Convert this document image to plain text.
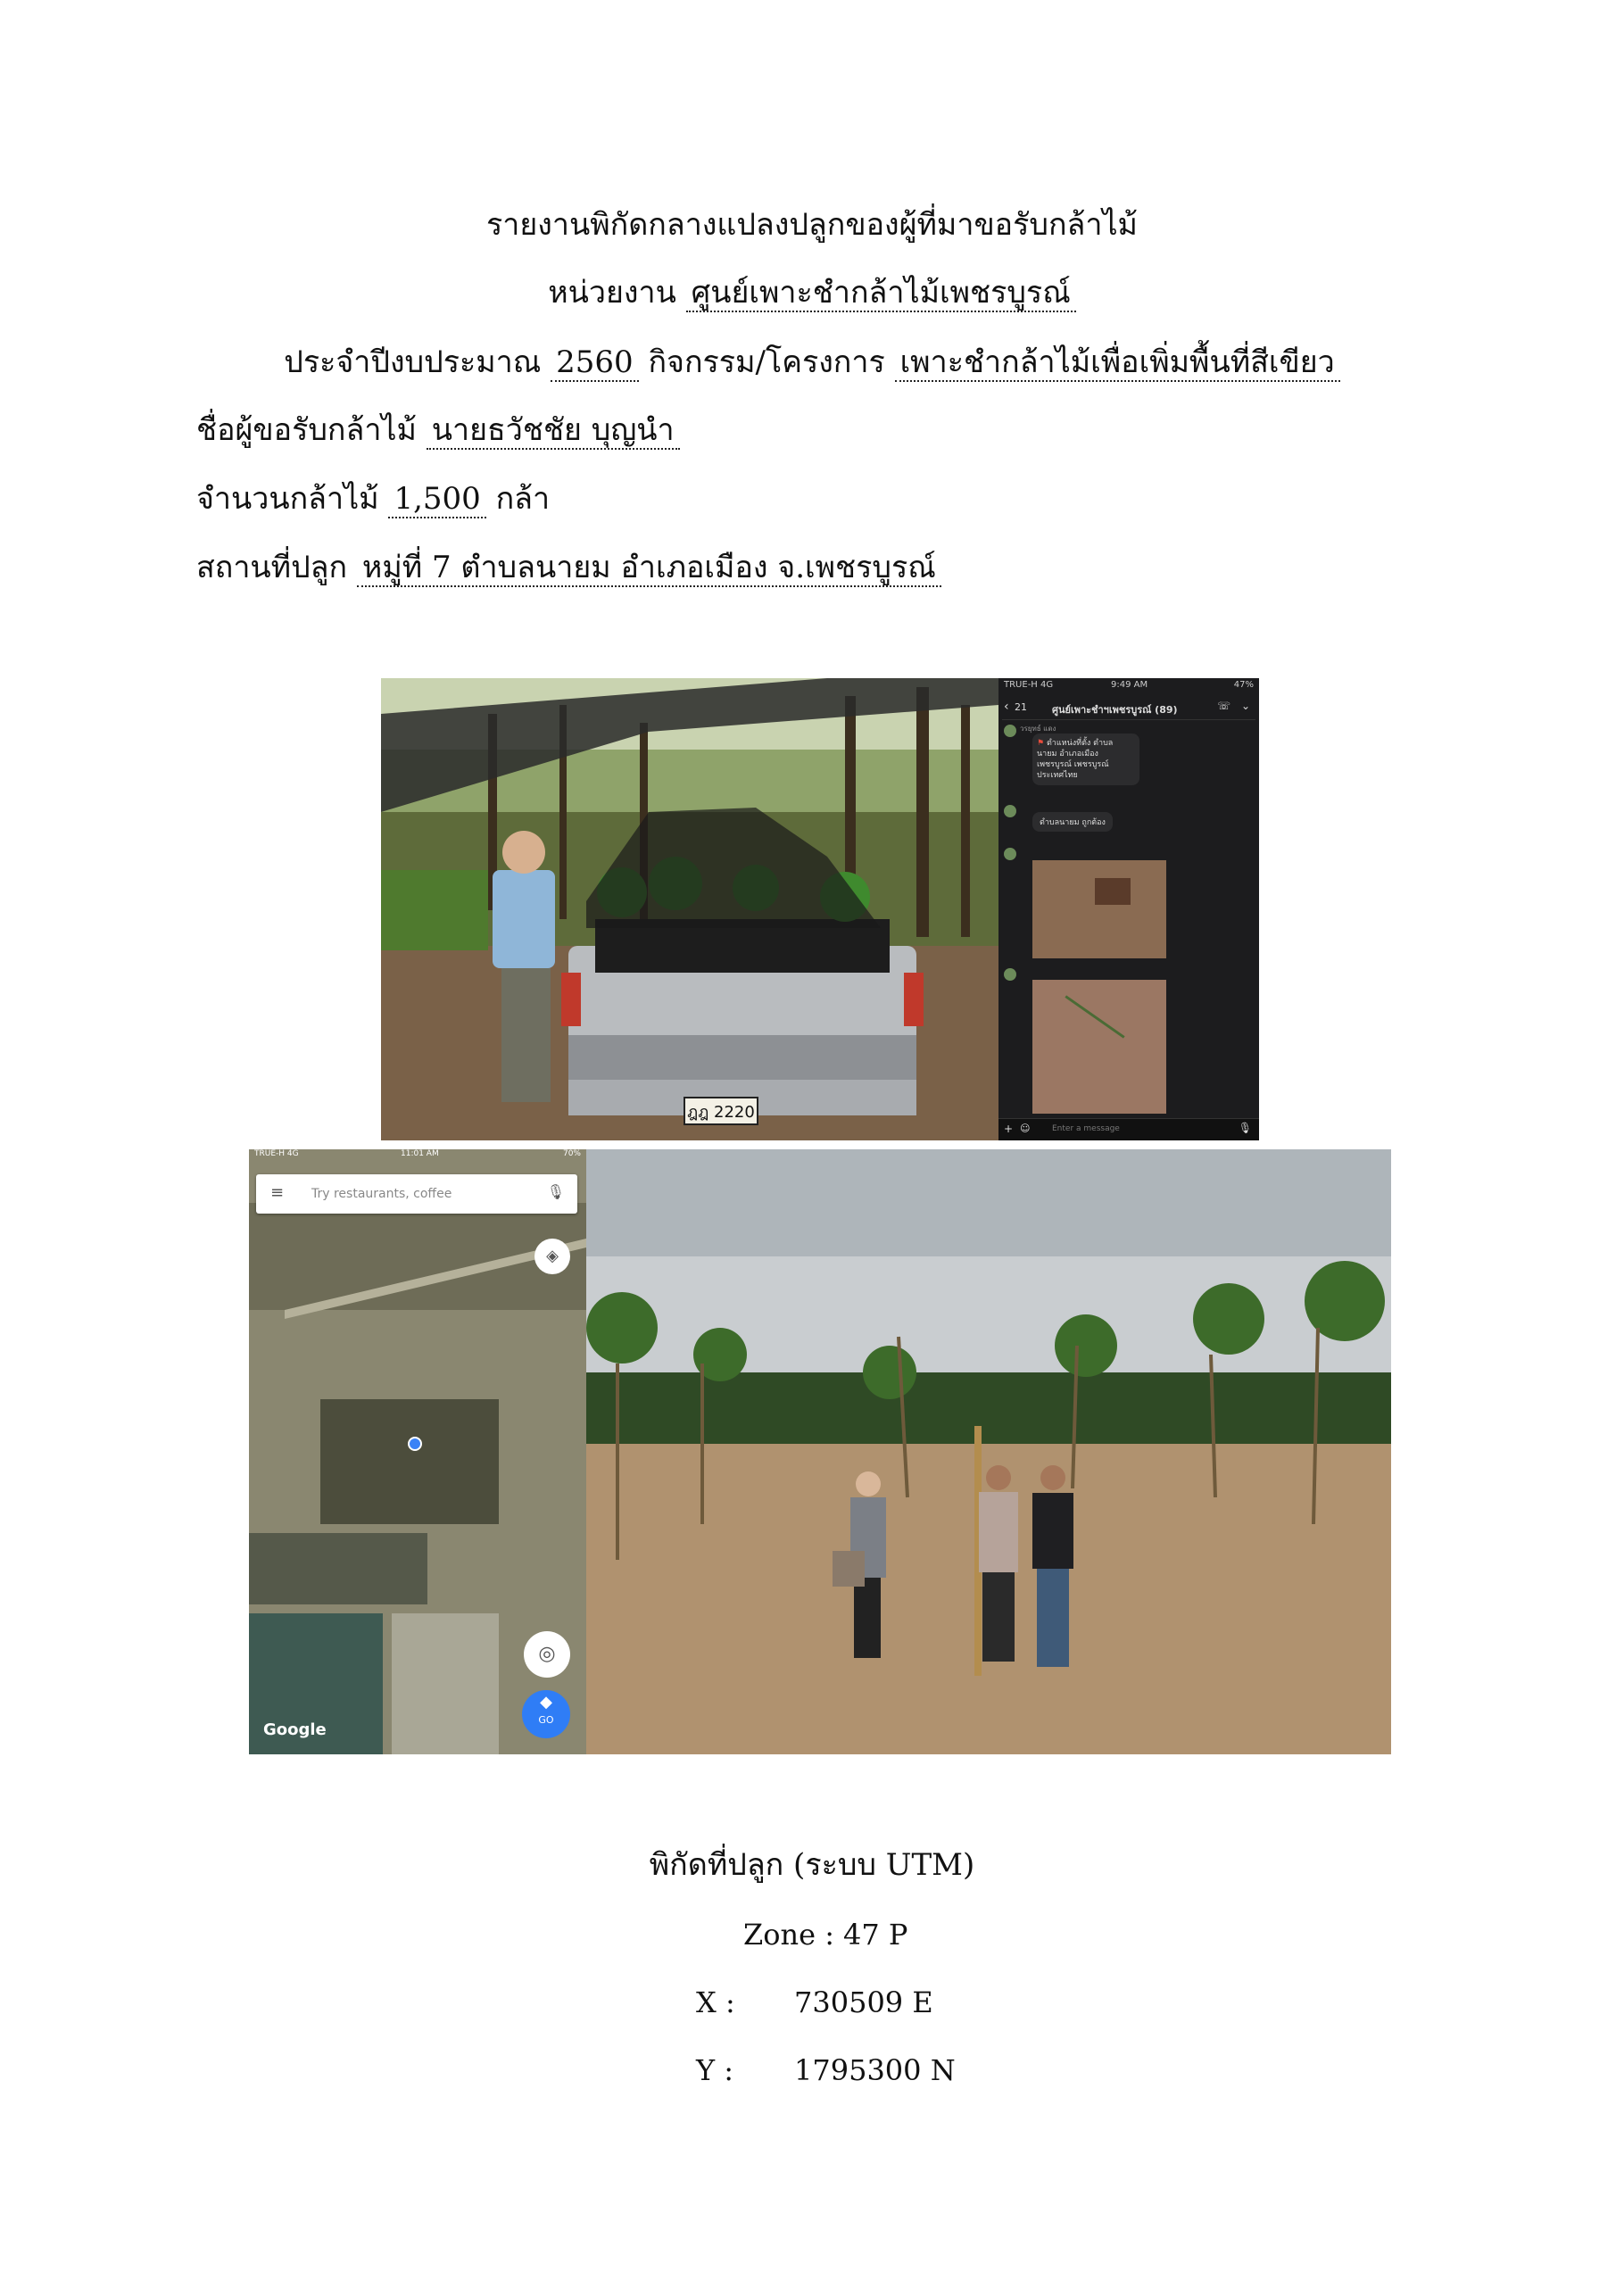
รายงานพิกัดกลางแปลงปลูกของผู้ที่มาขอรับกล้าไม้
หน่วยงาน ศูนย์เพาะชำกล้าไม้เพชรบูรณ์
ประจำปีงบประมาณ 2560 กิจกรรม/โครงการ เพาะชำกล้าไม้เพื่อเพิ่มพื้นที่สีเขียว
ชื่อผู้ขอรับกล้าไม้ นายธวัชชัย บุญนำ
จำนวนกล้าไม้ 1,500 กล้า
สถานที่ปลูก หมู่ที่ 7 ตำบลนายม อำเภอเมือง จ.เพชรบูรณ์
ฎฎ 2220
TRUE-H 4G	9:49 AM	47%
‹ 21	ศูนย์เพาะชำฯเพชรบูรณ์ (89)	☏ ⌄
วรยุทธ์ แดง
⚑ ตำแหน่งที่ตั้ง ตำบล นายม อำเภอเมือง เพชรบูรณ์ เพชรบูรณ์ ประเทศไทย
ตำบลนายม ถูกต้อง
+ ☺	Enter a message	🎙
TRUE-H 4G	11:01 AM	70%
≡ Try restaurants, coffee	🎙
◈
◎
◆
GO
Google
พิกัดที่ปลูก (ระบบ UTM)
Zone : 47 P
X : 730509 E
Y : 1795300 N
